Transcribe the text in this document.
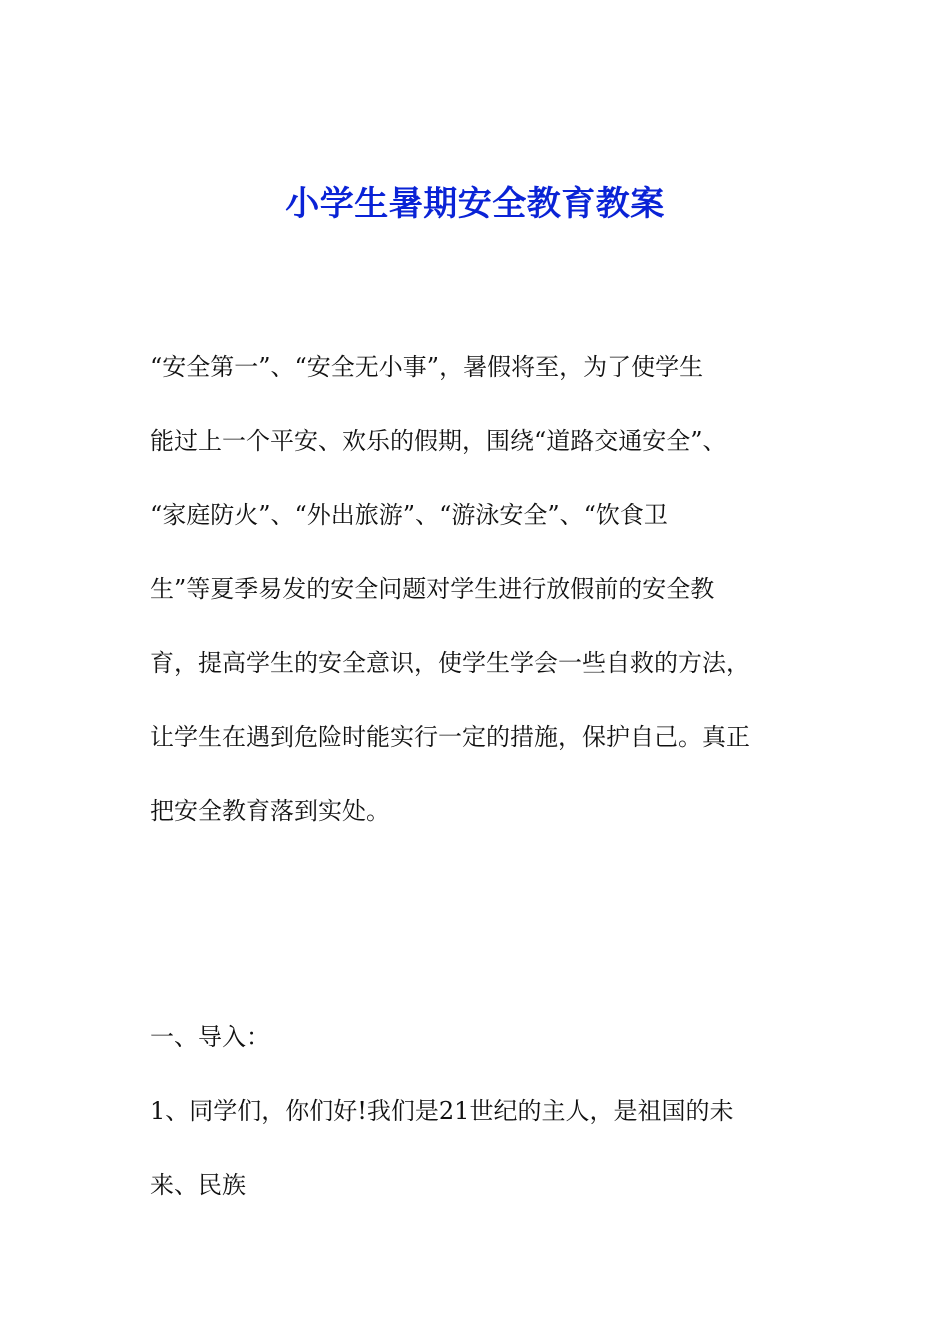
小学生暑期安全教育教案
“安全第一”、“安全无小事”，暑假将至，为了使学生
能过上一个平安、欢乐的假期，围绕“道路交通安全”、
“家庭防火”、“外出旅游”、“游泳安全”、“饮食卫
生”等夏季易发的安全问题对学生进行放假前的安全教
育，提高学生的安全意识，使学生学会一些自救的方法，
让学生在遇到危险时能实行一定的措施，保护自己。真正
把安全教育落到实处。
一、导入：
1、同学们，你们好!我们是21世纪的主人，是祖国的未
来、民族
